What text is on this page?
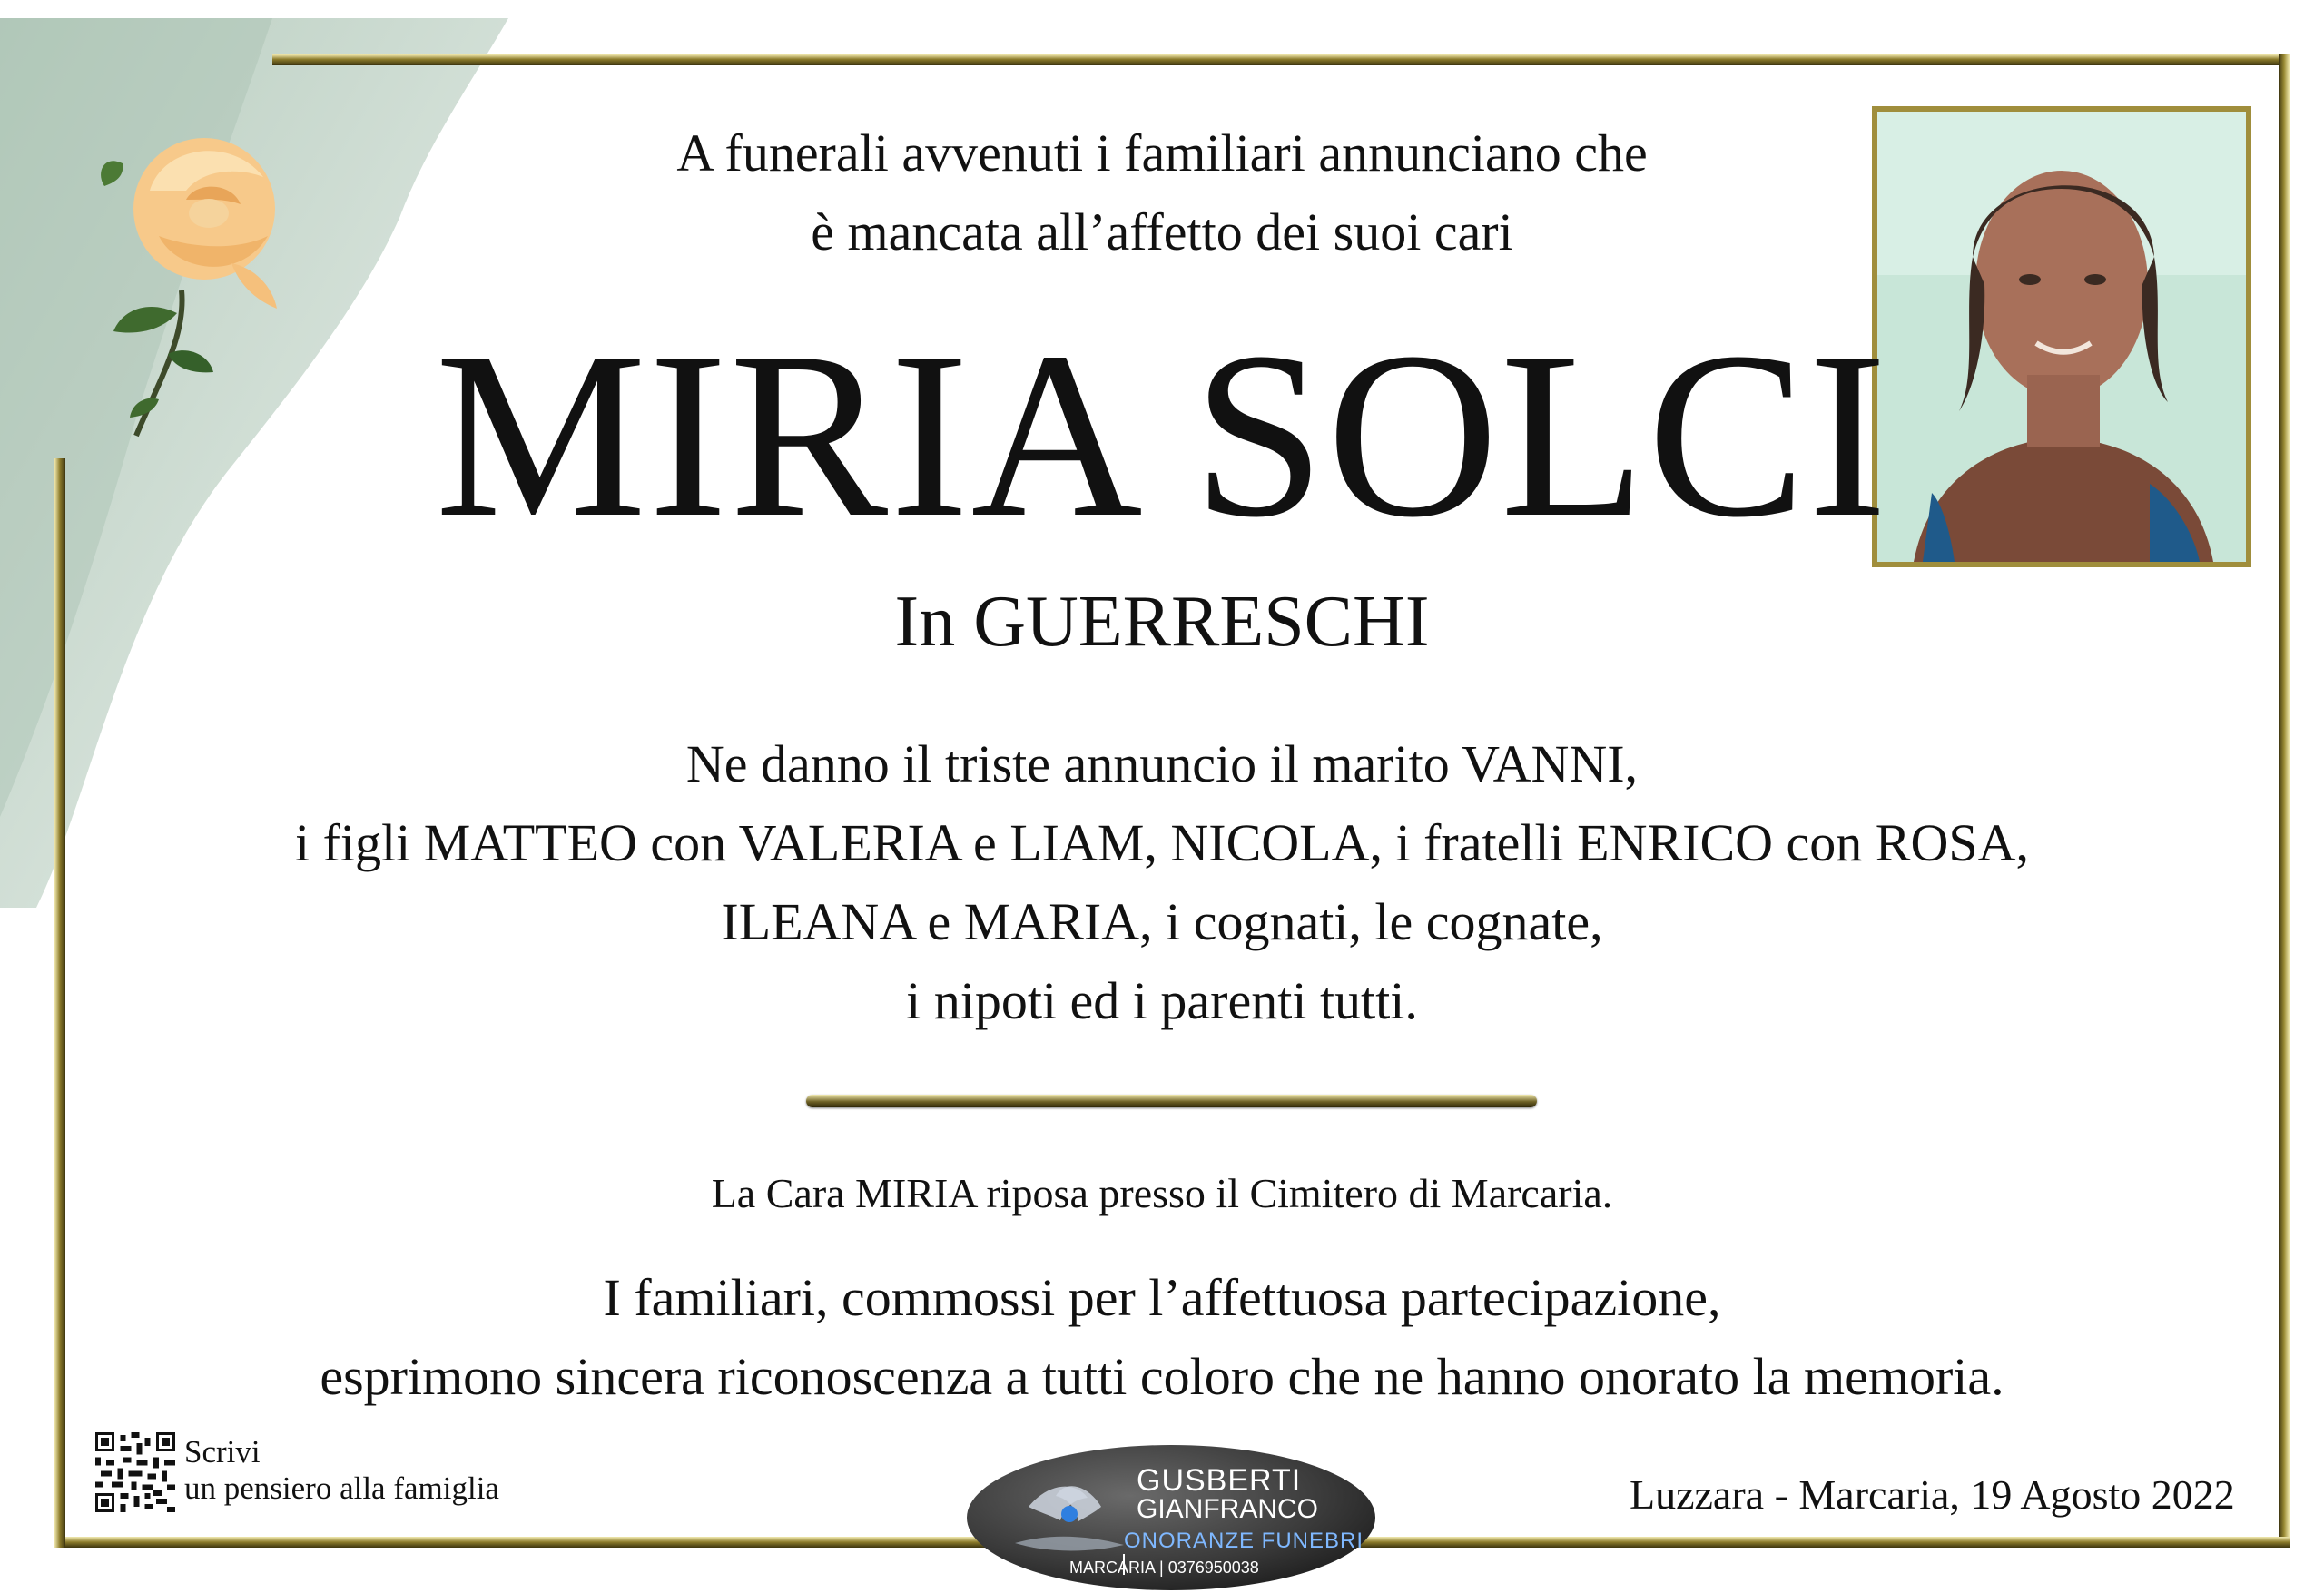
A funerali avvenuti i familiari annunciano che
è mancata all’affetto dei suoi cari
MIRIA SOLCI
In GUERRESCHI
Ne danno il triste annuncio il marito VANNI,
i figli MATTEO con VALERIA e LIAM, NICOLA, i fratelli ENRICO con ROSA,
ILEANA e MARIA, i cognati, le cognate,
i nipoti ed i parenti tutti.
La Cara MIRIA riposa presso il Cimitero di Marcaria.
I familiari, commossi per l’affettuosa partecipazione,
esprimono sincera riconoscenza a tutti coloro che ne hanno onorato la memoria.
Scrivi
un pensiero alla famiglia	GUSBERTI
GIANFRANCO
ONORANZE FUNEBRI
MARCARIA | 0376950038
Luzzara - Marcaria, 19 Agosto 2022
